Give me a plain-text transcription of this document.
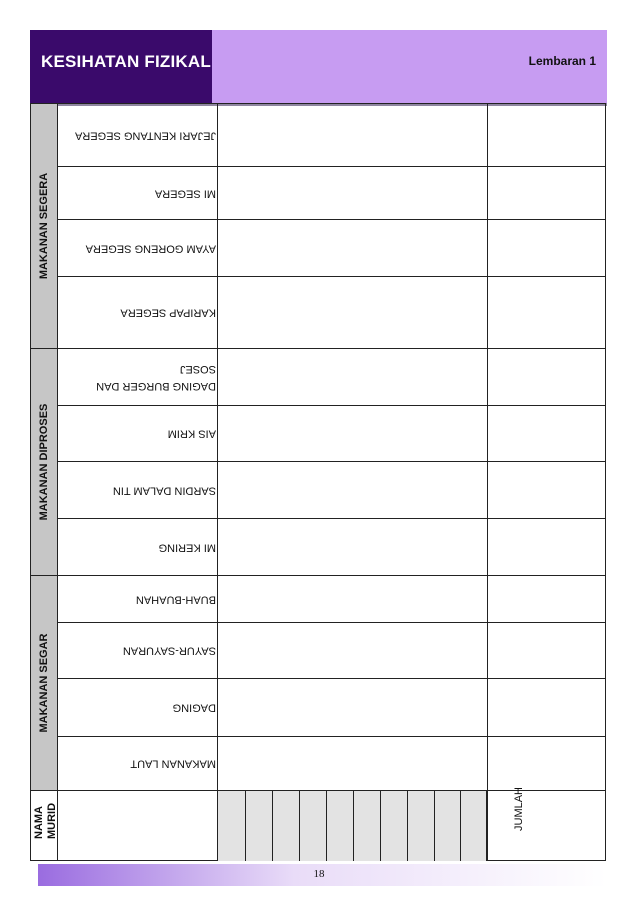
KESIHATAN FIZIKAL	Lembaran 1
MAKANAN SEGERA
MAKANAN DIPROSES
MAKANAN SEGAR
JEJARI KENTANG SEGERA
MI SEGERA
AYAM GORENG SEGERA
KARIPAP SEGERA
DAGING BURGER DAN SOSEJ
AIS KRIM
SARDIN DALAM TIN
MI KERING
BUAH-BUAHAN
SAYUR-SAYURAN
DAGING
MAKANAN LAUT
NAMA MURID	JUMLAH
18
